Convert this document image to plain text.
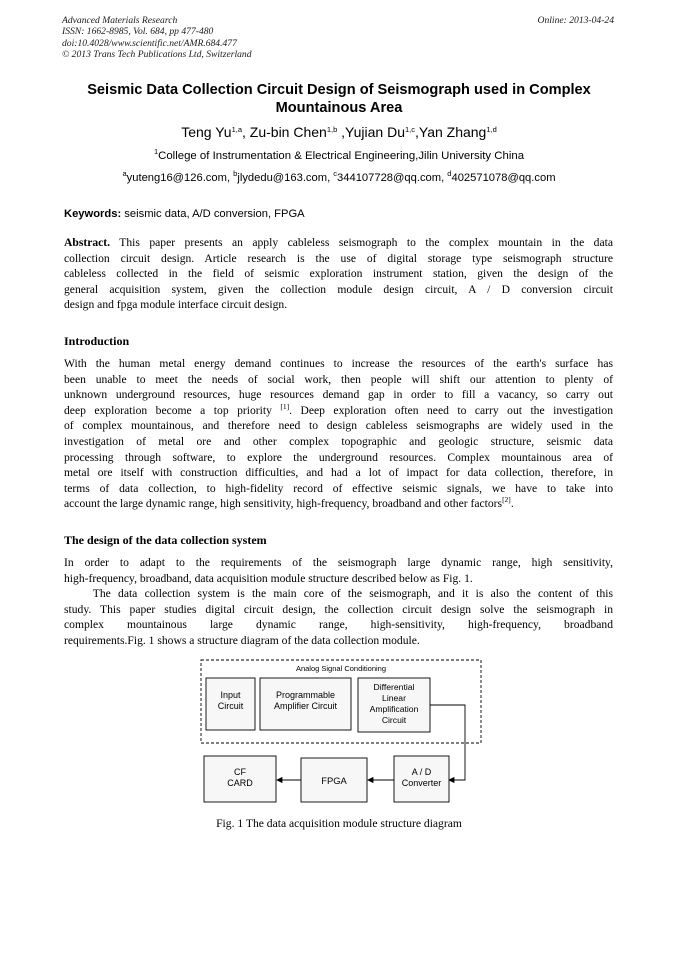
Advanced Materials Research
ISSN: 1662-8985, Vol. 684, pp 477-480
doi:10.4028/www.scientific.net/AMR.684.477
© 2013 Trans Tech Publications Ltd, Switzerland
Online: 2013-04-24
Seismic Data Collection Circuit Design of Seismograph used in Complex
Mountainous Area
Teng Yu$^{1,a}$, Zu-bin Chen$^{1,b}$ ,Yujian Du$^{1,c}$,Yan Zhang$^{1,d}$
$^1$College of Instrumentation & Electrical Engineering,Jilin University China
$^a$yuteng16@126.com, $^b$jlydedu@163.com, $^c$344107728@qq.com, $^d$402571078@qq.com
Keywords: seismic data, A/D conversion, FPGA
Abstract. This paper presents an apply cableless seismograph to the complex mountain in the data
collection circuit design. Article research is the use of digital storage type seismograph structure
cableless collected in the field of seismic exploration instrument station, given the design of the
general acquisition system, given the collection module design circuit, A / D conversion circuit
design and fpga module interface circuit design.
Introduction
With the human metal energy demand continues to increase the resources of the earth's surface has
been unable to meet the needs of social work, then people will shift our attention to plenty of
unknown underground resources, huge resources demand gap in order to fill a vacancy, so carry out
deep exploration become a top priority [1]. Deep exploration often need to carry out the investigation
of complex mountainous, and therefore need to design cableless seismographs are widely used in the
investigation of metal ore and other complex topographic and geologic structure, seismic data
processing through software, to explore the underground resources. Complex mountainous area of
metal ore itself with construction difficulties, and had a lot of impact for data collection, therefore, in
terms of data collection, to high-fidelity record of effective seismic signals, we have to take into
account the large dynamic range, high sensitivity, high-frequency, broadband and other factors[2].
The design of the data collection system
In order to adapt to the requirements of the seismograph large dynamic range, high sensitivity,
high-frequency, broadband, data acquisition module structure described below as Fig. 1.
The data collection system is the main core of the seismograph, and it is also the content of this
study. This paper studies digital circuit design, the collection circuit design solve the seismograph in
complex mountainous large dynamic range, high-sensitivity, high-frequency, broadband
requirements.Fig. 1 shows a structure diagram of the data collection module.
Analog Signal Conditioning
Input
Circuit
Programmable
Amplifier Circuit
Differential
Linear
Amplification
Circuit
A / D
Converter
FPGA
CF
CARD
Fig. 1 The data acquisition module structure diagram
